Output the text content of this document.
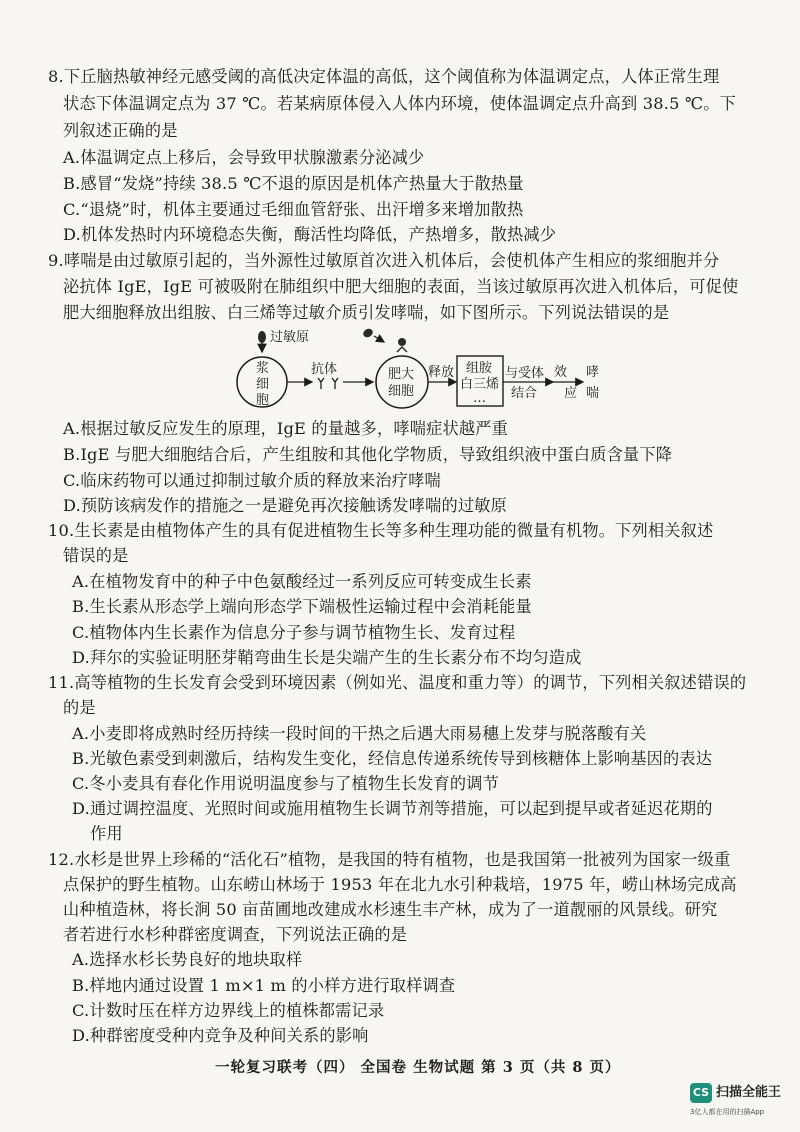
8.下丘脑热敏神经元感受阈的高低决定体温的高低，这个阈值称为体温调定点，人体正常生理
状态下体温调定点为 37 ℃。若某病原体侵入人体内环境，使体温调定点升高到 38.5 ℃。下
列叙述正确的是
A.体温调定点上移后，会导致甲状腺激素分泌减少
B.感冒“发烧”持续 38.5 ℃不退的原因是机体产热量大于散热量
C.“退烧”时，机体主要通过毛细血管舒张、出汗增多来增加散热
D.机体发热时内环境稳态失衡，酶活性均降低，产热增多，散热减少
9.哮喘是由过敏原引起的，当外源性过敏原首次进入机体后，会使机体产生相应的浆细胞并分
泌抗体 IgE，IgE 可被吸附在肺组织中肥大细胞的表面，当该过敏原再次进入机体后，可促使
肥大细胞释放出组胺、白三烯等过敏介质引发哮喘，如下图所示。下列说法错误的是
过敏原
浆
细
胞
抗体	肥大
细胞
释放 组胺
白三烯
…
与受体
结合
效
应
哮
喘
A.根据过敏反应发生的原理，IgE 的量越多，哮喘症状越严重
B.IgE 与肥大细胞结合后，产生组胺和其他化学物质，导致组织液中蛋白质含量下降
C.临床药物可以通过抑制过敏介质的释放来治疗哮喘
D.预防该病发作的措施之一是避免再次接触诱发哮喘的过敏原
10.生长素是由植物体产生的具有促进植物生长等多种生理功能的微量有机物。下列相关叙述
错误的是
A.在植物发育中的种子中色氨酸经过一系列反应可转变成生长素
B.生长素从形态学上端向形态学下端极性运输过程中会消耗能量
C.植物体内生长素作为信息分子参与调节植物生长、发育过程
D.拜尔的实验证明胚芽鞘弯曲生长是尖端产生的生长素分布不均匀造成
11.高等植物的生长发育会受到环境因素（例如光、温度和重力等）的调节，下列相关叙述错误的
的是
A.小麦即将成熟时经历持续一段时间的干热之后遇大雨易穗上发芽与脱落酸有关
B.光敏色素受到刺激后，结构发生变化，经信息传递系统传导到核糖体上影响基因的表达
C.冬小麦具有春化作用说明温度参与了植物生长发育的调节
D.通过调控温度、光照时间或施用植物生长调节剂等措施，可以起到提早或者延迟花期的
作用
12.水杉是世界上珍稀的“活化石”植物，是我国的特有植物，也是我国第一批被列为国家一级重
点保护的野生植物。山东崂山林场于 1953 年在北九水引种栽培，1975 年，崂山林场完成高
山种植造林，将长涧 50 亩苗圃地改建成水杉速生丰产林，成为了一道靓丽的风景线。研究
者若进行水杉种群密度调查，下列说法正确的是
A.选择水杉长势良好的地块取样
B.样地内通过设置 1 m×1 m 的小样方进行取样调查
C.计数时压在样方边界线上的植株都需记录
D.种群密度受种内竞争及种间关系的影响
一轮复习联考（四） 全国卷 生物试题 第 3 页（共 8 页）
CS 扫描全能王
3亿人都在用的扫描App
